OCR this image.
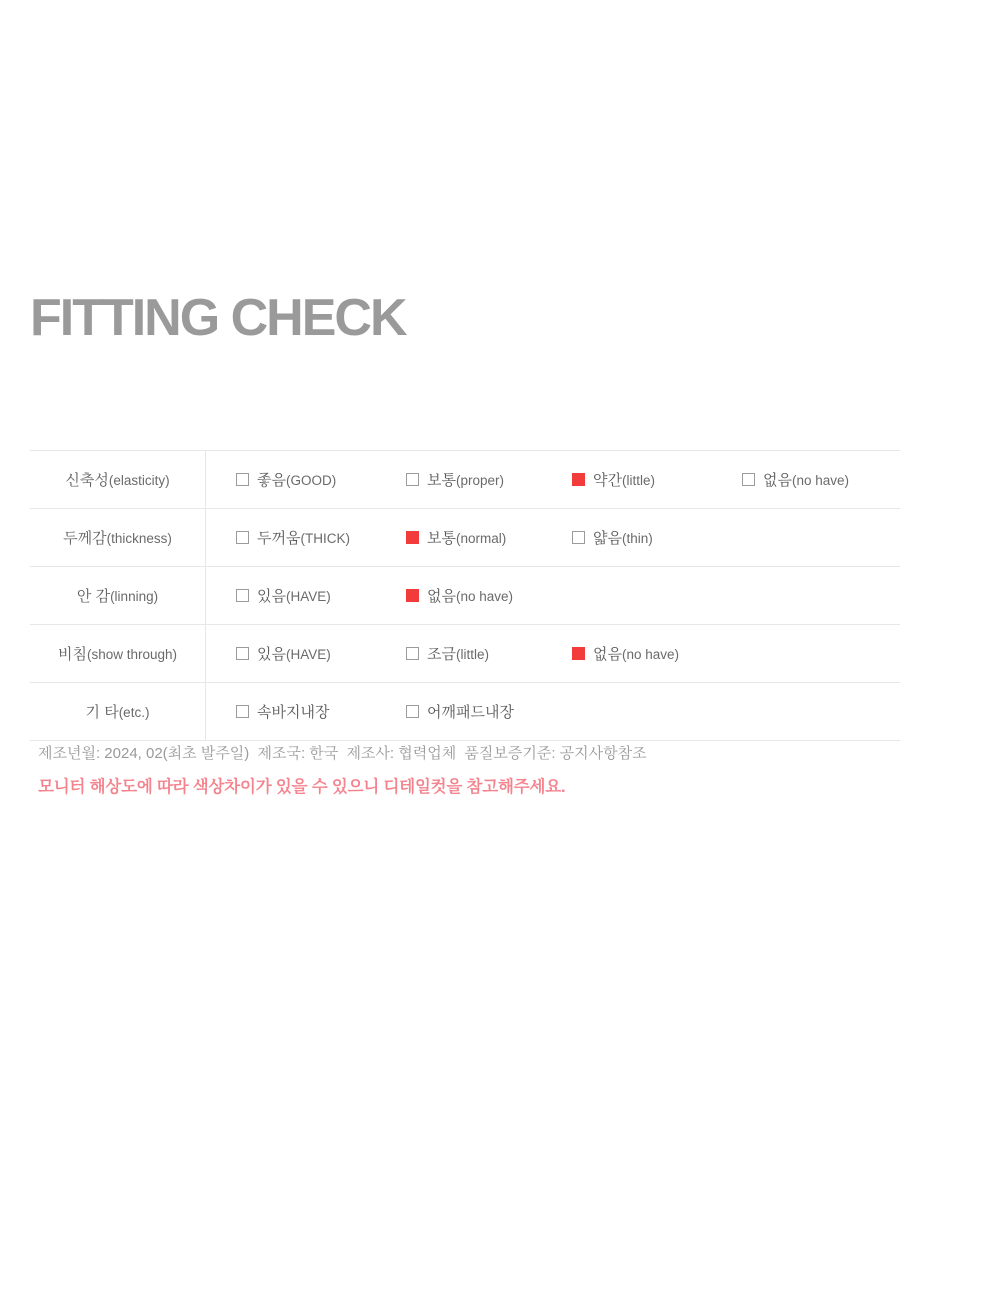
FITTING CHECK
신축성(elasticity)	좋음(GOOD) 보통(proper) 약간(little) 없음(no have)

두께감(thickness)	두꺼움(THICK) 보통(normal) 얇음(thin)

안 감(linning)	있음(HAVE) 없음(no have)

비침(show through)	있음(HAVE) 조금(little) 없음(no have)

기 타(etc.)	속바지내장 어깨패드내장
제조년월: 2024, 02(최초 발주일) 제조국: 한국 제조사: 협력업체 품질보증기준: 공지사항참조
모니터 해상도에 따라 색상차이가 있을 수 있으니 디테일컷을 참고해주세요.
